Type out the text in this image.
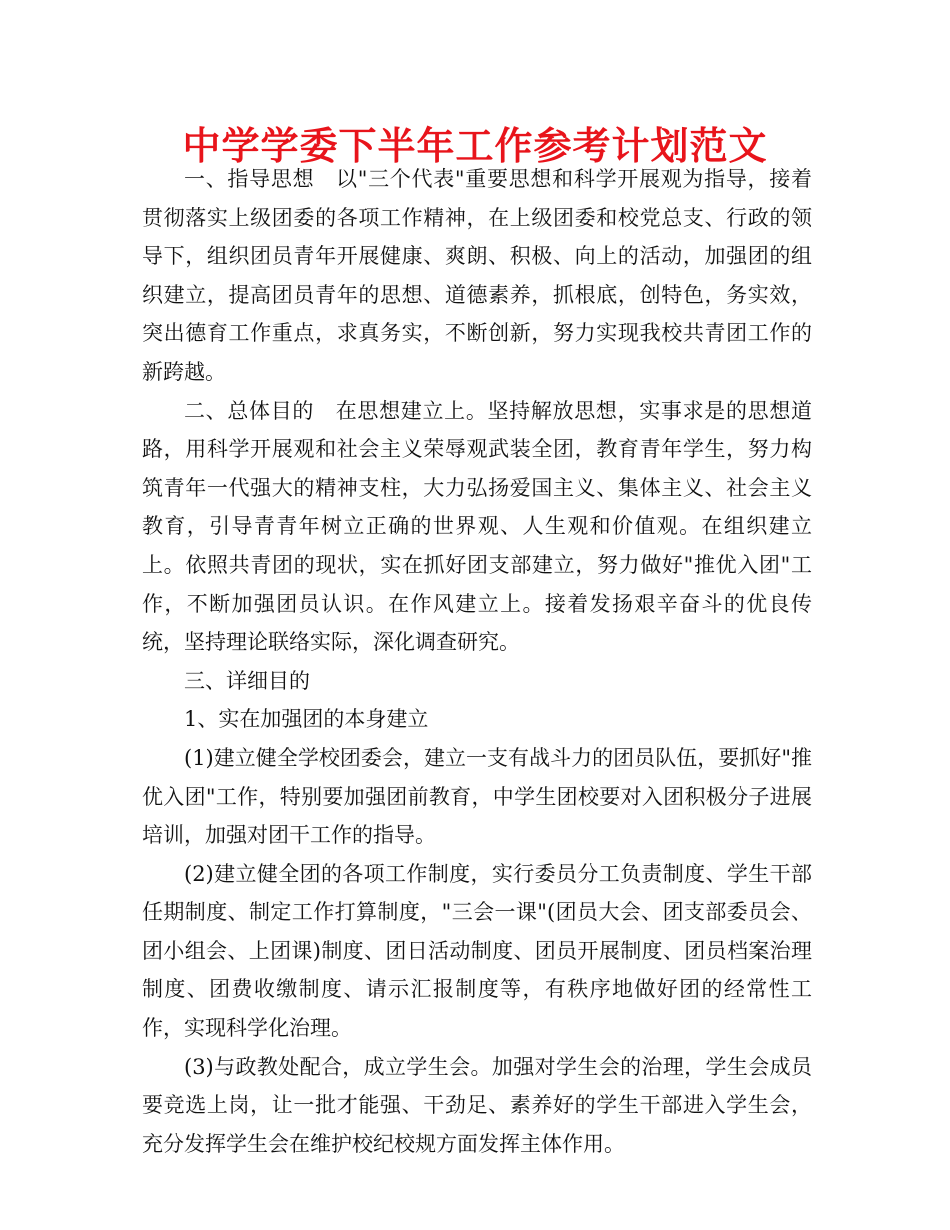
中学学委下半年工作参考计划范文

一、指导思想　以"三个代表"重要思想和科学开展观为指导，接着贯彻落实上级团委的各项工作精神，在上级团委和校党总支、行政的领导下，组织团员青年开展健康、爽朗、积极、向上的活动，加强团的组织建立，提高团员青年的思想、道德素养，抓根底，创特色，务实效，突出德育工作重点，求真务实，不断创新，努力实现我校共青团工作的新跨越。

二、总体目的　在思想建立上。坚持解放思想，实事求是的思想道路，用科学开展观和社会主义荣辱观武装全团，教育青年学生，努力构筑青年一代强大的精神支柱，大力弘扬爱国主义、集体主义、社会主义教育，引导青青年树立正确的世界观、人生观和价值观。在组织建立上。依照共青团的现状，实在抓好团支部建立，努力做好"推优入团"工作，不断加强团员认识。在作风建立上。接着发扬艰辛奋斗的优良传统，坚持理论联络实际，深化调查研究。

三、详细目的

1、实在加强团的本身建立

(1)建立健全学校团委会，建立一支有战斗力的团员队伍，要抓好"推优入团"工作，特别要加强团前教育，中学生团校要对入团积极分子进展培训，加强对团干工作的指导。

(2)建立健全团的各项工作制度，实行委员分工负责制度、学生干部任期制度、制定工作打算制度，"三会一课"(团员大会、团支部委员会、团小组会、上团课)制度、团日活动制度、团员开展制度、团员档案治理制度、团费收缴制度、请示汇报制度等，有秩序地做好团的经常性工作，实现科学化治理。

(3)与政教处配合，成立学生会。加强对学生会的治理，学生会成员要竞选上岗，让一批才能强、干劲足、素养好的学生干部进入学生会，充分发挥学生会在维护校纪校规方面发挥主体作用。
